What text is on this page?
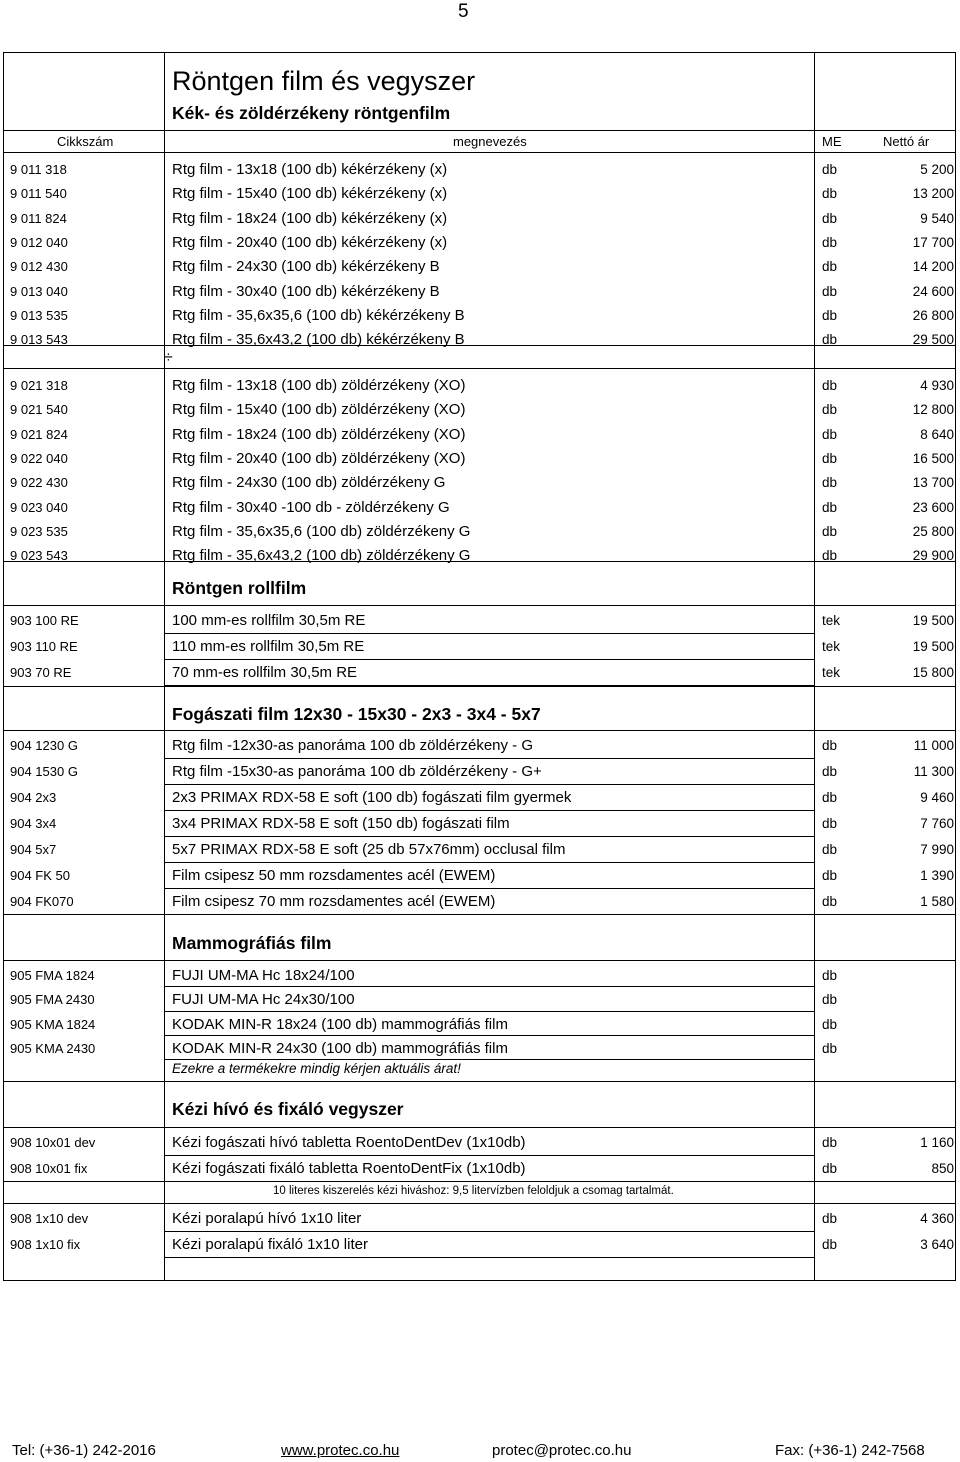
5
Röntgen film és vegyszer
Kék- és zöldérzékeny röntgenfilm
Cikkszám	megnevezés	ME	Nettó ár
9 011 318	Rtg film - 13x18 (100 db) kékérzékeny (x)	db	5 200
9 011 540	Rtg film - 15x40 (100 db) kékérzékeny (x)	db	13 200
9 011 824	Rtg film - 18x24 (100 db) kékérzékeny (x)	db	9 540
9 012 040	Rtg film - 20x40 (100 db) kékérzékeny (x)	db	17 700
9 012 430	Rtg film - 24x30 (100 db) kékérzékeny B	db	14 200
9 013 040	Rtg film - 30x40 (100 db) kékérzékeny B	db	24 600
9 013 535	Rtg film - 35,6x35,6 (100 db) kékérzékeny B	db	26 800
9 013 543	Rtg film - 35,6x43,2 (100 db) kékérzékeny B	db	29 500
÷
9 021 318	Rtg film - 13x18 (100 db) zöldérzékeny (XO)	db	4 930
9 021 540	Rtg film - 15x40 (100 db) zöldérzékeny (XO)	db	12 800
9 021 824	Rtg film - 18x24 (100 db) zöldérzékeny (XO)	db	8 640
9 022 040	Rtg film - 20x40 (100 db) zöldérzékeny (XO)	db	16 500
9 022 430	Rtg film - 24x30 (100 db) zöldérzékeny G	db	13 700
9 023 040	Rtg film - 30x40 -100 db - zöldérzékeny G	db	23 600
9 023 535	Rtg film - 35,6x35,6 (100 db) zöldérzékeny G	db	25 800
9 023 543	Rtg film - 35,6x43,2 (100 db) zöldérzékeny G	db	29 900
Röntgen rollfilm
903 100 RE	100 mm-es rollfilm 30,5m RE	tek	19 500
903 110 RE	110 mm-es rollfilm 30,5m RE	tek	19 500
903 70 RE	70 mm-es rollfilm 30,5m RE	tek	15 800
Fogászati film 12x30 - 15x30 - 2x3 - 3x4 - 5x7
904 1230 G	Rtg film -12x30-as panoráma 100 db zöldérzékeny - G	db	11 000
904 1530 G	Rtg film -15x30-as panoráma 100 db zöldérzékeny - G+	db	11 300
904 2x3	2x3 PRIMAX RDX-58 E soft (100 db) fogászati film gyermek	db	9 460
904 3x4	3x4 PRIMAX RDX-58 E soft (150 db) fogászati film	db	7 760
904 5x7	5x7 PRIMAX RDX-58 E soft (25 db 57x76mm) occlusal film	db	7 990
904 FK 50	Film csipesz 50 mm rozsdamentes acél (EWEM)	db	1 390
904 FK070	Film csipesz 70 mm rozsdamentes acél (EWEM)	db	1 580
Mammográfiás film
905 FMA 1824	FUJI UM-MA Hc 18x24/100	db
905 FMA 2430	FUJI UM-MA Hc 24x30/100	db
905 KMA 1824	KODAK MIN-R 18x24 (100 db) mammográfiás film	db
905 KMA 2430	KODAK MIN-R 24x30 (100 db) mammográfiás film	db
Ezekre a termékekre mindig kérjen aktuális árat!
Kézi hívó és fixáló vegyszer
908 10x01 dev	Kézi fogászati hívó tabletta RoentoDentDev (1x10db)	db	1 160
908 10x01 fix	Kézi fogászati fixáló tabletta RoentoDentFix (1x10db)	db	850
10 literes kiszerelés kézi hiváshoz: 9,5 litervízben feloldjuk a csomag tartalmát.
908 1x10 dev	Kézi poralapú hívó 1x10 liter	db	4 360
908 1x10 fix	Kézi poralapú fixáló 1x10 liter	db	3 640
Tel: (+36-1) 242-2016	www.protec.co.hu	protec@protec.co.hu	Fax: (+36-1) 242-7568
